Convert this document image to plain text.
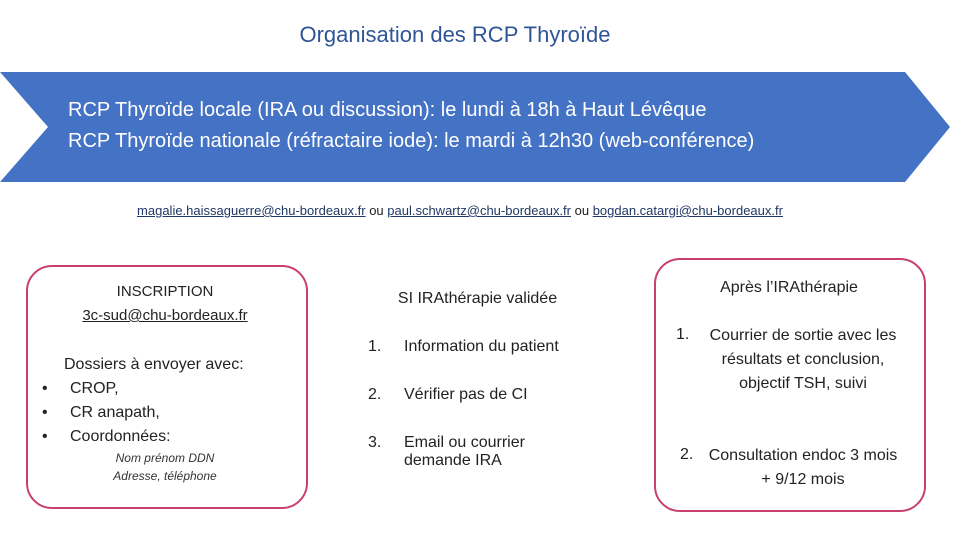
Organisation des RCP Thyroïde
RCP Thyroïde locale (IRA ou discussion): le lundi à 18h à Haut Lévêque
RCP Thyroïde nationale (réfractaire iode): le mardi à 12h30 (web-conférence)
magalie.haissaguerre@chu-bordeaux.fr ou paul.schwartz@chu-bordeaux.fr ou bogdan.catargi@chu-bordeaux.fr
INSCRIPTION
3c-sud@chu-bordeaux.fr
Dossiers à envoyer avec:
• CROP,
• CR anapath,
• Coordonnées:
Nom prénom DDN
Adresse, téléphone
SI IRAthérapie validée
1. Information du patient
2. Vérifier pas de CI
3. Email ou courrier demande IRA
Après l’IRAthérapie
1.	Courrier de sortie avec les résultats et conclusion, objectif TSH, suivi
2. Consultation endoc 3 mois + 9/12 mois
